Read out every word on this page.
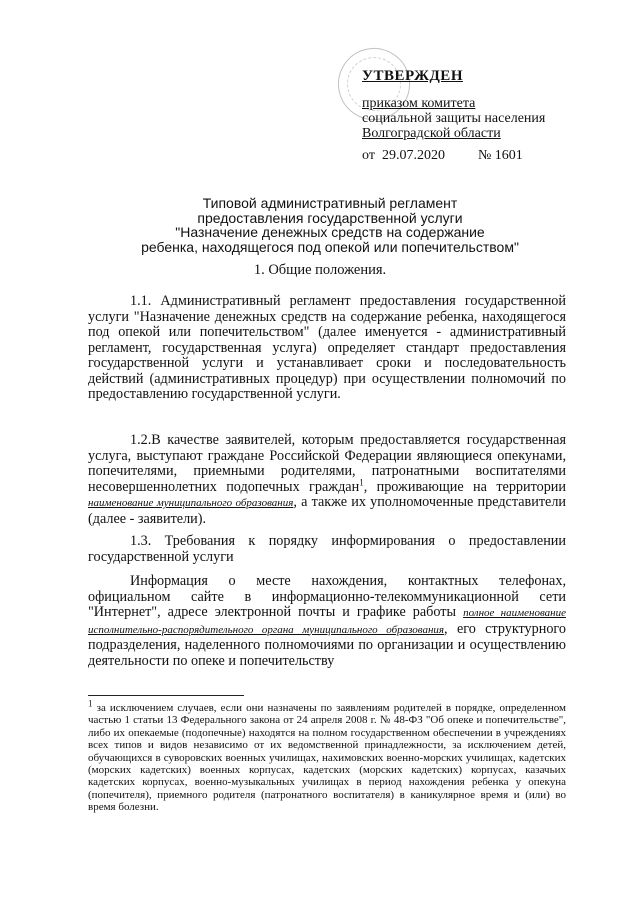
УТВЕРЖДЕН
приказом комитета
социальной защиты населения
Волгоградской области
от 29.07.2020 № 1601
Типовой административный регламент
предоставления государственной услуги
"Назначение денежных средств на содержание
ребенка, находящегося под опекой или попечительством"
1. Общие положения.

1.1. Административный регламент предоставления государственной услуги "Назначение денежных средств на содержание ребенка, находящегося под опекой или попечительством" (далее именуется - административный регламент, государственная услуга) определяет стандарт предоставления государственной услуги и устанавливает сроки и последовательность действий (административных процедур) при осуществлении полномочий по предоставлению государственной услуги.

1.2.В качестве заявителей, которым предоставляется государственная услуга, выступают граждане Российской Федерации являющиеся опекунами, попечителями, приемными родителями, патронатными воспитателями несовершеннолетних подопечных граждан$^1$, проживающие на территории наименование муниципального образования, а также их уполномоченные представители (далее - заявители).

1.3. Требования к порядку информирования о предоставлении государственной услуги

Информация о месте нахождения, контактных телефонах, официальном сайте в информационно-телекоммуникационной сети "Интернет", адресе электронной почты и графике работы полное наименование исполнительно-распорядительного органа муниципального образования, его структурного подразделения, наделенного полномочиями по организации и осуществлению деятельности по опеке и попечительству

$^1$ за исключением случаев, если они назначены по заявлениям родителей в порядке, определенном частью 1 статьи 13 Федерального закона от 24 апреля 2008 г. № 48-ФЗ "Об опеке и попечительстве", либо их опекаемые (подопечные) находятся на полном государственном обеспечении в учреждениях всех типов и видов независимо от их ведомственной принадлежности, за исключением детей, обучающихся в суворовских военных училищах, нахимовских военно-морских училищах, кадетских (морских кадетских) военных корпусах, кадетских (морских кадетских) корпусах, казачьих кадетских корпусах, военно-музыкальных училищах в период нахождения ребенка у опекуна (попечителя), приемного родителя (патронатного воспитателя) в каникулярное время и (или) во время болезни.
